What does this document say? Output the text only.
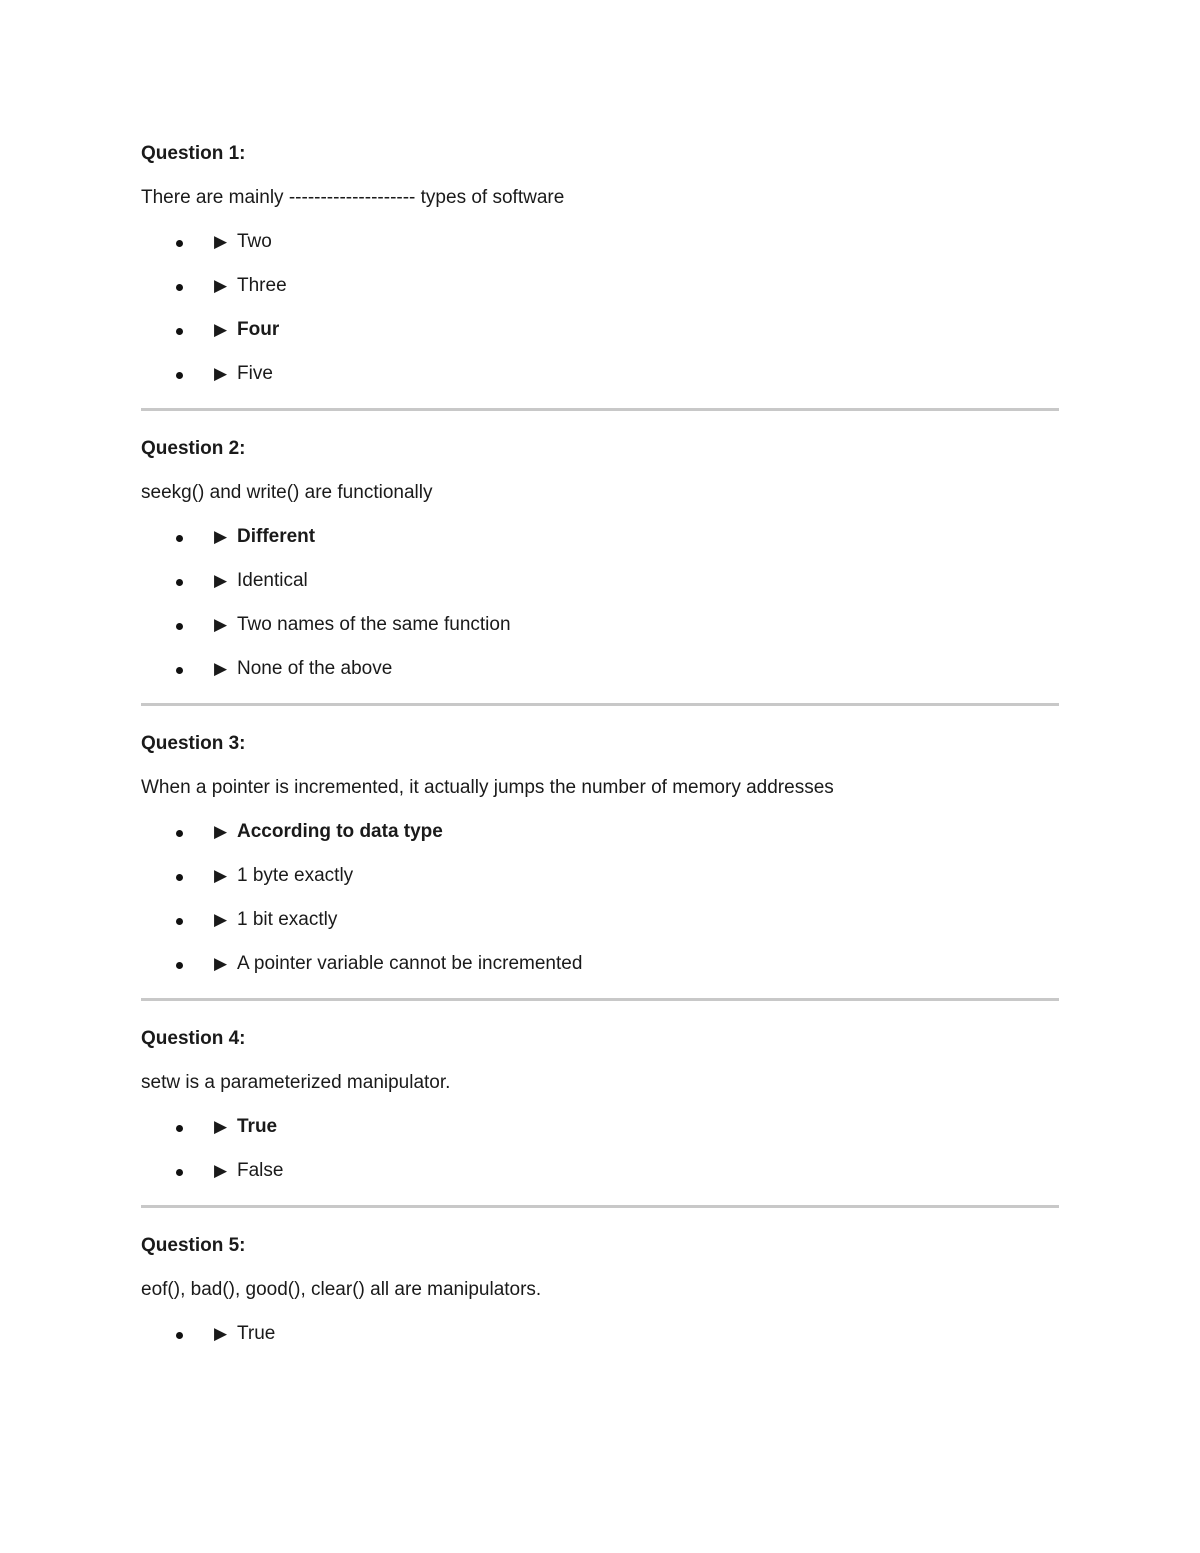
Question 1:
There are mainly -------------------- types of software
▶ Two
▶ Three
▶ Four
▶ Five
Question 2:
seekg() and write() are functionally
▶ Different
▶ Identical
▶ Two names of the same function
▶ None of the above
Question 3:
When a pointer is incremented, it actually jumps the number of memory addresses
▶ According to data type
▶ 1 byte exactly
▶ 1 bit exactly
▶ A pointer variable cannot be incremented
Question 4:
setw is a parameterized manipulator.
▶ True
▶ False
Question 5:
eof(), bad(), good(), clear() all are manipulators.
▶ True
